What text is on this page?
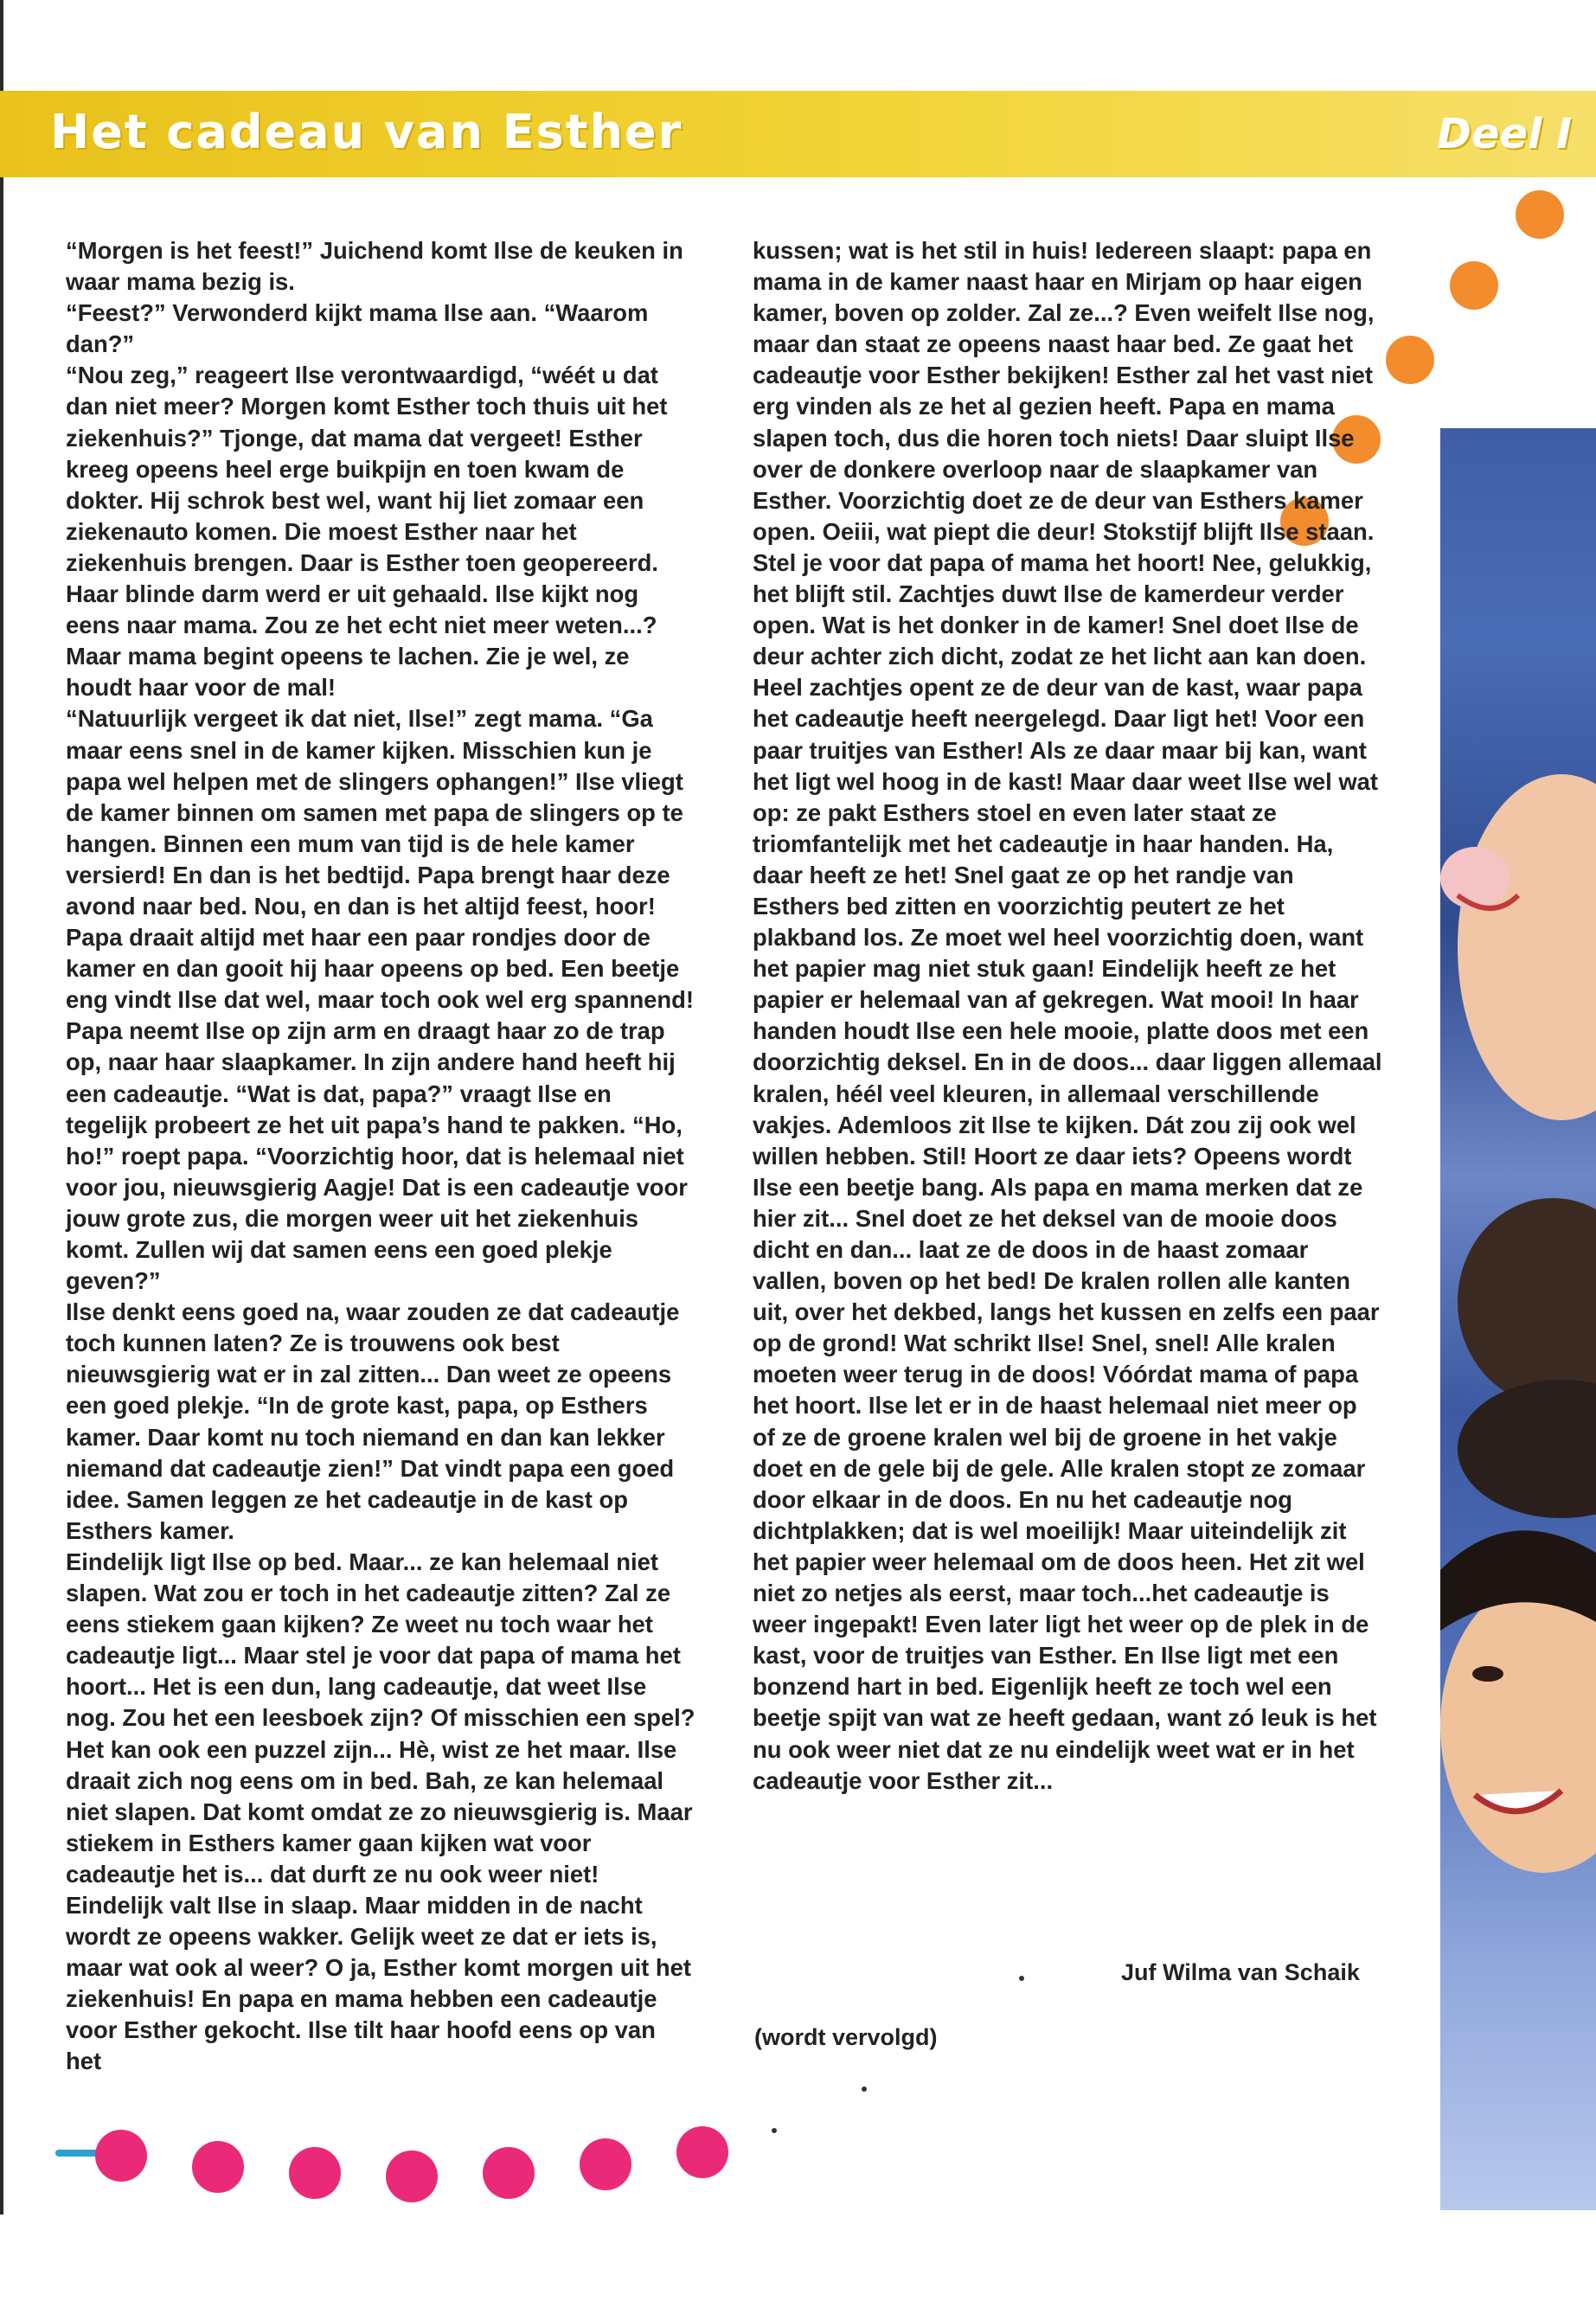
Het cadeau van Esther	Deel I

“Morgen is het feest!” Juichend komt Ilse de keuken in waar mama bezig is.

“Feest?” Verwonderd kijkt mama Ilse aan. “Waarom dan?”

“Nou zeg,” reageert Ilse verontwaardigd, “wéét u dat dan niet meer? Morgen komt Esther toch thuis uit het ziekenhuis?” Tjonge, dat mama dat vergeet! Esther kreeg opeens heel erge buikpijn en toen kwam de dokter. Hij schrok best wel, want hij liet zomaar een ziekenauto komen. Die moest Esther naar het ziekenhuis brengen. Daar is Esther toen geopereerd. Haar blinde darm werd er uit gehaald. Ilse kijkt nog eens naar mama. Zou ze het echt niet meer weten...? Maar mama begint opeens te lachen. Zie je wel, ze houdt haar voor de mal!

“Natuurlijk vergeet ik dat niet, Ilse!” zegt mama. “Ga maar eens snel in de kamer kijken. Misschien kun je papa wel helpen met de slingers ophangen!” Ilse vliegt de kamer binnen om samen met papa de slingers op te hangen. Binnen een mum van tijd is de hele kamer versierd! En dan is het bedtijd. Papa brengt haar deze avond naar bed. Nou, en dan is het altijd feest, hoor! Papa draait altijd met haar een paar rondjes door de kamer en dan gooit hij haar opeens op bed. Een beetje eng vindt Ilse dat wel, maar toch ook wel erg spannend! Papa neemt Ilse op zijn arm en draagt haar zo de trap op, naar haar slaapkamer. In zijn andere hand heeft hij een cadeautje. “Wat is dat, papa?” vraagt Ilse en tegelijk probeert ze het uit papa’s hand te pakken. “Ho, ho!” roept papa. “Voorzichtig hoor, dat is helemaal niet voor jou, nieuwsgierig Aagje! Dat is een cadeautje voor jouw grote zus, die morgen weer uit het ziekenhuis komt. Zullen wij dat samen eens een goed plekje geven?”

Ilse denkt eens goed na, waar zouden ze dat cadeautje toch kunnen laten? Ze is trouwens ook best nieuwsgierig wat er in zal zitten... Dan weet ze opeens een goed plekje. “In de grote kast, papa, op Esthers kamer. Daar komt nu toch niemand en dan kan lekker niemand dat cadeautje zien!” Dat vindt papa een goed idee. Samen leggen ze het cadeautje in de kast op Esthers kamer.

Eindelijk ligt Ilse op bed. Maar... ze kan helemaal niet slapen. Wat zou er toch in het cadeautje zitten? Zal ze eens stiekem gaan kijken? Ze weet nu toch waar het cadeautje ligt... Maar stel je voor dat papa of mama het hoort... Het is een dun, lang cadeautje, dat weet Ilse nog. Zou het een leesboek zijn? Of misschien een spel? Het kan ook een puzzel zijn... Hè, wist ze het maar. Ilse draait zich nog eens om in bed. Bah, ze kan helemaal niet slapen. Dat komt omdat ze zo nieuwsgierig is. Maar stiekem in Esthers kamer gaan kijken wat voor cadeautje het is... dat durft ze nu ook weer niet! Eindelijk valt Ilse in slaap. Maar midden in de nacht wordt ze opeens wakker. Gelijk weet ze dat er iets is, maar wat ook al weer? O ja, Esther komt morgen uit het ziekenhuis! En papa en mama hebben een cadeautje voor Esther gekocht. Ilse tilt haar hoofd eens op van het

kussen; wat is het stil in huis! Iedereen slaapt: papa en mama in de kamer naast haar en Mirjam op haar eigen kamer, boven op zolder. Zal ze...? Even weifelt Ilse nog, maar dan staat ze opeens naast haar bed. Ze gaat het cadeautje voor Esther bekijken! Esther zal het vast niet erg vinden als ze het al gezien heeft. Papa en mama slapen toch, dus die horen toch niets! Daar sluipt Ilse over de donkere overloop naar de slaapkamer van Esther. Voorzichtig doet ze de deur van Esthers kamer open. Oeiii, wat piept die deur! Stokstijf blijft Ilse staan. Stel je voor dat papa of mama het hoort! Nee, gelukkig, het blijft stil. Zachtjes duwt Ilse de kamerdeur verder open. Wat is het donker in de kamer! Snel doet Ilse de deur achter zich dicht, zodat ze het licht aan kan doen. Heel zachtjes opent ze de deur van de kast, waar papa het cadeautje heeft neergelegd. Daar ligt het! Voor een paar truitjes van Esther! Als ze daar maar bij kan, want het ligt wel hoog in de kast! Maar daar weet Ilse wel wat op: ze pakt Esthers stoel en even later staat ze triomfantelijk met het cadeautje in haar handen. Ha, daar heeft ze het! Snel gaat ze op het randje van Esthers bed zitten en voorzichtig peutert ze het plakband los. Ze moet wel heel voorzichtig doen, want het papier mag niet stuk gaan! Eindelijk heeft ze het papier er helemaal van af gekregen. Wat mooi! In haar handen houdt Ilse een hele mooie, platte doos met een doorzichtig deksel. En in de doos... daar liggen allemaal kralen, héél veel kleuren, in allemaal verschillende vakjes. Ademloos zit Ilse te kijken. Dát zou zij ook wel willen hebben. Stil! Hoort ze daar iets? Opeens wordt Ilse een beetje bang. Als papa en mama merken dat ze hier zit... Snel doet ze het deksel van de mooie doos dicht en dan... laat ze de doos in de haast zomaar vallen, boven op het bed! De kralen rollen alle kanten uit, over het dekbed, langs het kussen en zelfs een paar op de grond! Wat schrikt Ilse! Snel, snel! Alle kralen moeten weer terug in de doos! Vóórdat mama of papa het hoort. Ilse let er in de haast helemaal niet meer op of ze de groene kralen wel bij de groene in het vakje doet en de gele bij de gele. Alle kralen stopt ze zomaar door elkaar in de doos. En nu het cadeautje nog dichtplakken; dat is wel moeilijk! Maar uiteindelijk zit het papier weer helemaal om de doos heen. Het zit wel niet zo netjes als eerst, maar toch...het cadeautje is weer ingepakt! Even later ligt het weer op de plek in de kast, voor de truitjes van Esther. En Ilse ligt met een bonzend hart in bed. Eigenlijk heeft ze toch wel een beetje spijt van wat ze heeft gedaan, want zó leuk is het nu ook weer niet dat ze nu eindelijk weet wat er in het cadeautje voor Esther zit...

Juf Wilma van Schaik
(wordt vervolgd)
